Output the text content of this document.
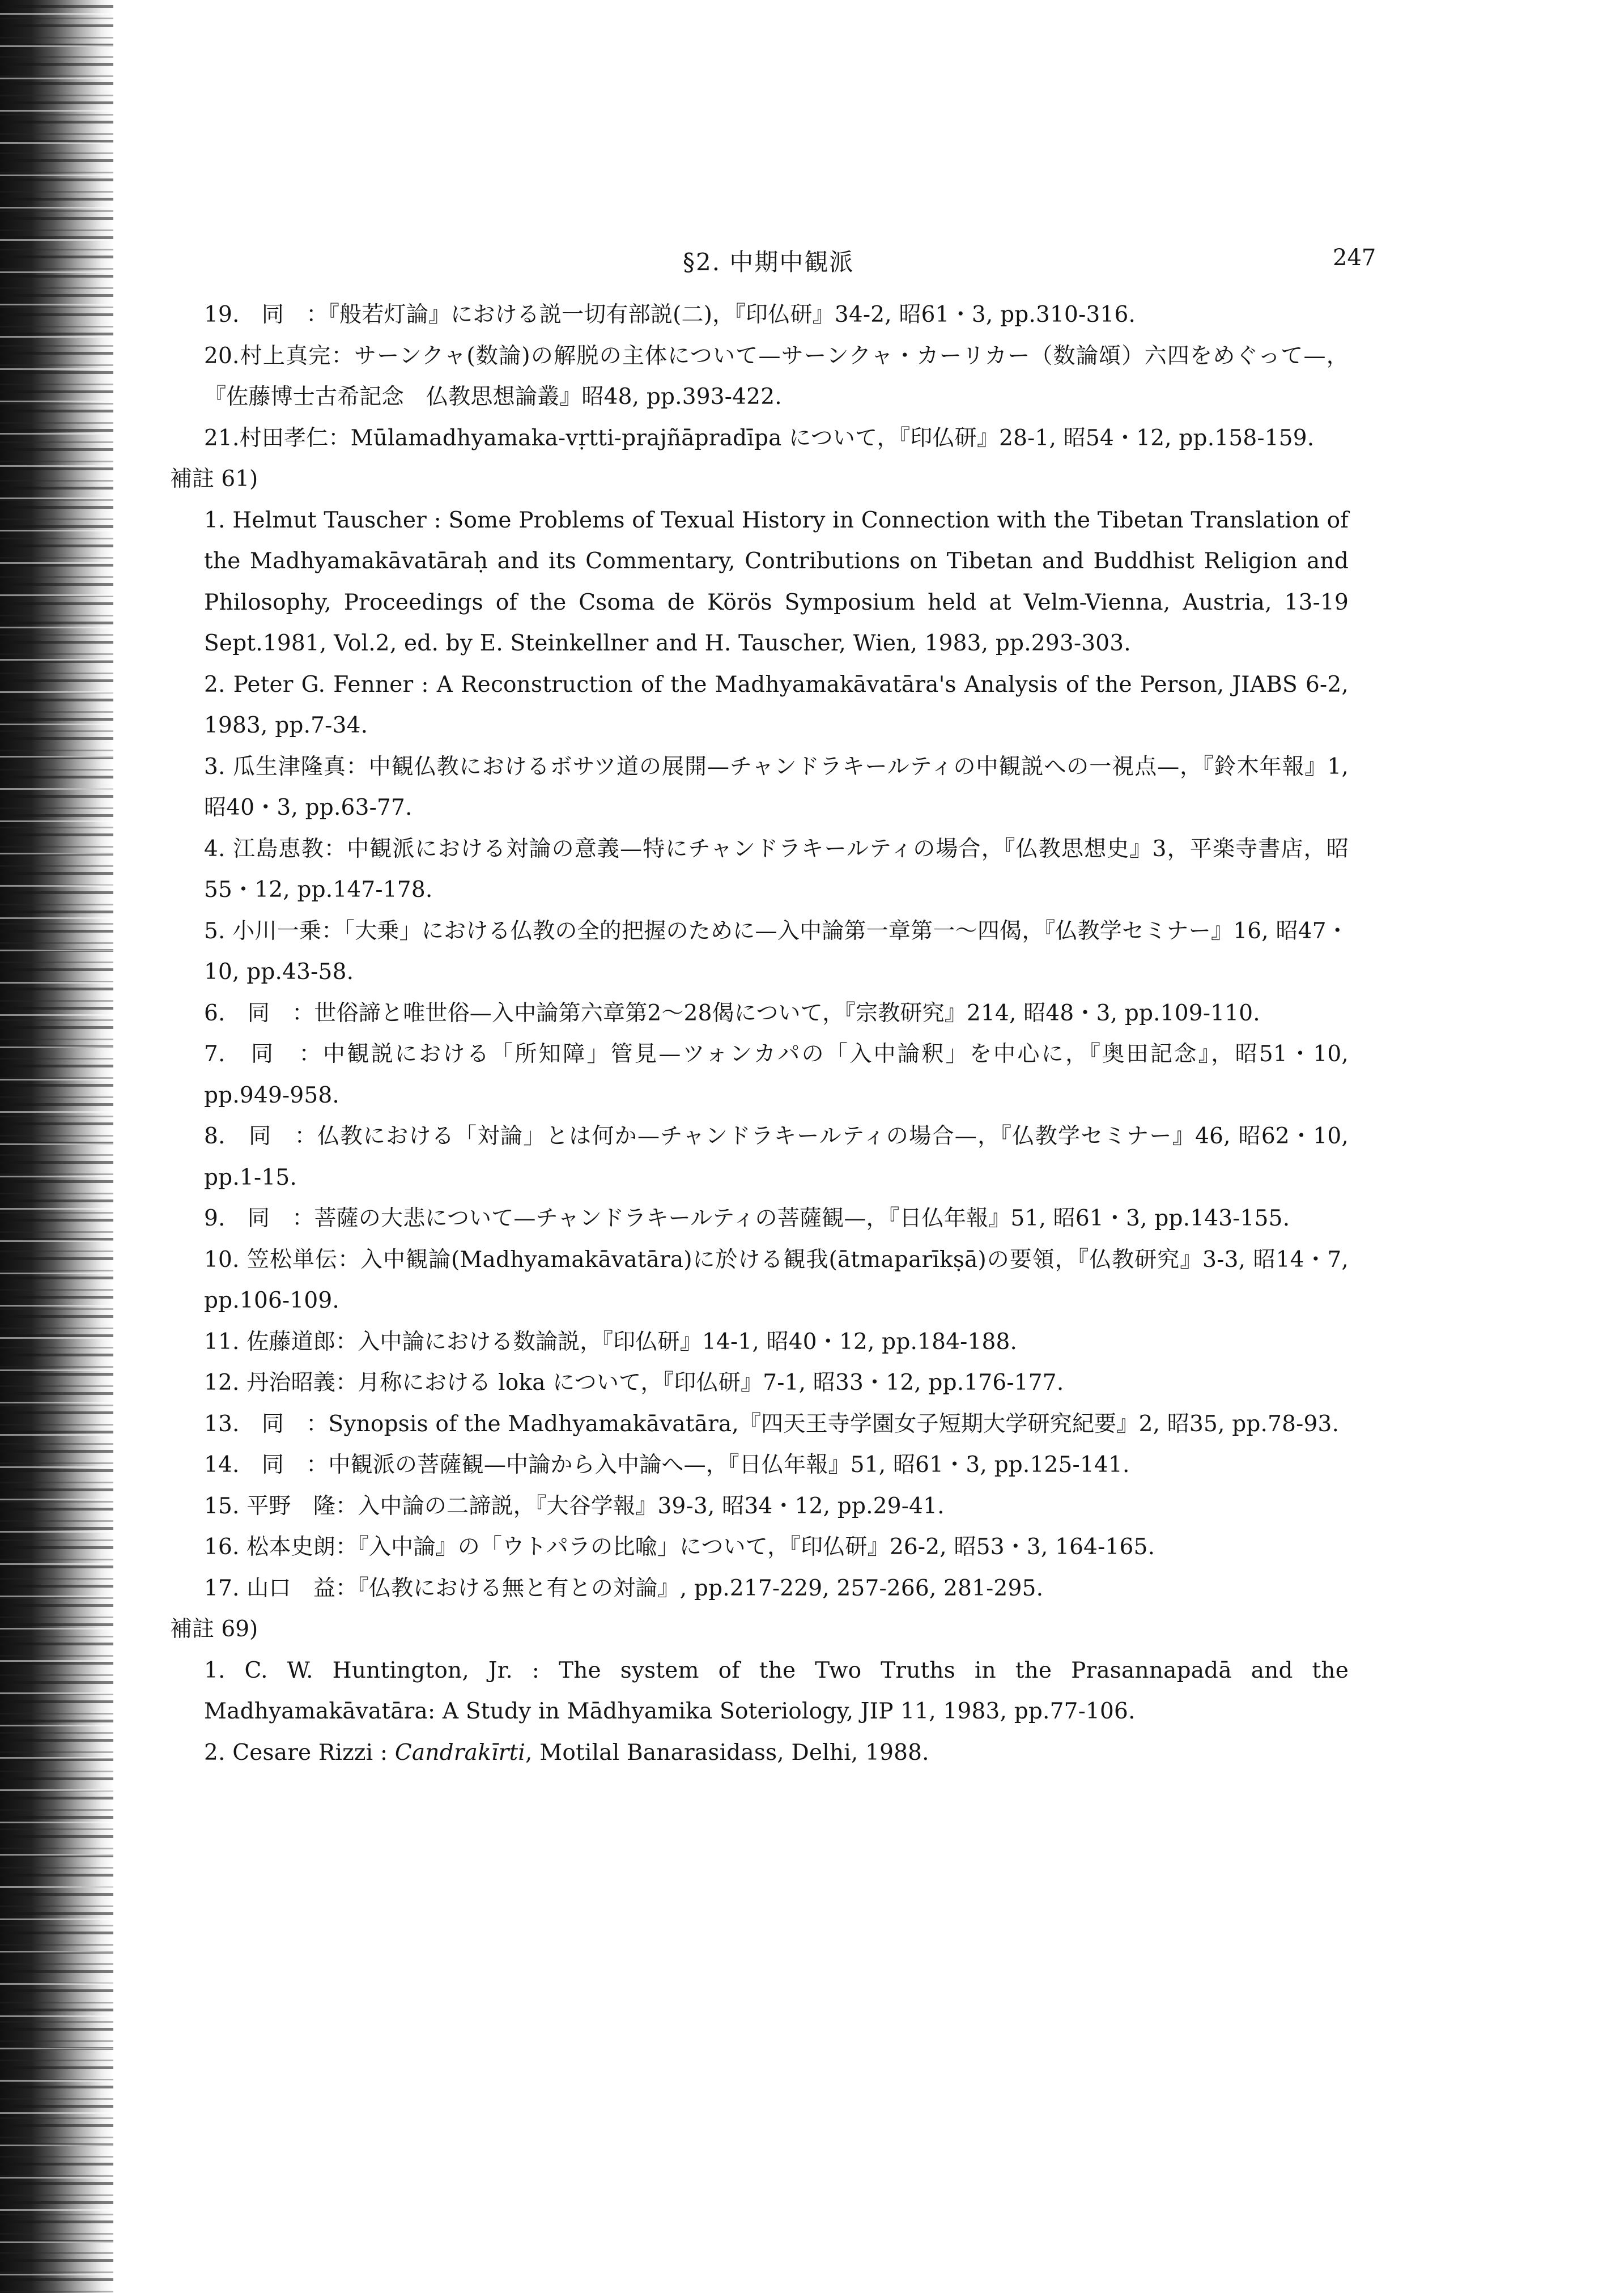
§2. 中期中観派	247
19.　同　：『般若灯論』における説一切有部説(二)，『印仏研』34-2, 昭61・3, pp.310-316.
20.村上真完：サーンクャ(数論)の解脱の主体について—サーンクャ・カーリカー（数論頌）六四をめぐって—，『佐藤博士古希記念　仏教思想論叢』昭48, pp.393-422.
21.村田孝仁：Mūlamadhyamaka-vṛtti-prajñāpradīpa について，『印仏研』28-1, 昭54・12, pp.158-159.
補註 61)
1. Helmut Tauscher : Some Problems of Texual History in Connection with the Tibetan Translation of the Madhyamakāvatāraḥ and its Commentary, Contributions on Tibetan and Buddhist Religion and Philosophy, Proceedings of the Csoma de Körös Symposium held at Velm-Vienna, Austria, 13-19 Sept.1981, Vol.2, ed. by E. Steinkellner and H. Tauscher, Wien, 1983, pp.293-303.
2. Peter G. Fenner : A Reconstruction of the Madhyamakāvatāra's Analysis of the Person, JIABS 6-2, 1983, pp.7-34.
3. 瓜生津隆真：中観仏教におけるボサツ道の展開—チャンドラキールティの中観説への一視点—，『鈴木年報』1, 昭40・3, pp.63-77.
4. 江島恵教：中観派における対論の意義—特にチャンドラキールティの場合，『仏教思想史』3，平楽寺書店，昭55・12, pp.147-178.
5. 小川一乗：「大乗」における仏教の全的把握のために—入中論第一章第一〜四偈，『仏教学セミナー』16, 昭47・10, pp.43-58.
6.　同　：世俗諦と唯世俗—入中論第六章第2〜28偈について，『宗教研究』214, 昭48・3, pp.109-110.
7.　同　：中観説における「所知障」管見—ツォンカパの「入中論釈」を中心に，『奥田記念』，昭51・10, pp.949-958.
8.　同　：仏教における「対論」とは何か—チャンドラキールティの場合—，『仏教学セミナー』46, 昭62・10, pp.1-15.
9.　同　：菩薩の大悲について—チャンドラキールティの菩薩観—，『日仏年報』51, 昭61・3, pp.143-155.
10. 笠松単伝：入中観論(Madhyamakāvatāra)に於ける観我(ātmaparīkṣā)の要領，『仏教研究』3-3, 昭14・7, pp.106-109.
11. 佐藤道郎：入中論における数論説，『印仏研』14-1, 昭40・12, pp.184-188.
12. 丹治昭義：月称における loka について，『印仏研』7-1, 昭33・12, pp.176-177.
13.　同　：Synopsis of the Madhyamakāvatāra,『四天王寺学園女子短期大学研究紀要』2, 昭35, pp.78-93.
14.　同　：中観派の菩薩観—中論から入中論へ—，『日仏年報』51, 昭61・3, pp.125-141.
15. 平野　隆：入中論の二諦説，『大谷学報』39-3, 昭34・12, pp.29-41.
16. 松本史朗：『入中論』の「ウトパラの比喩」について，『印仏研』26-2, 昭53・3, 164-165.
17. 山口　益：『仏教における無と有との対論』, pp.217-229, 257-266, 281-295.
補註 69)
1. C. W. Huntington, Jr. : The system of the Two Truths in the Prasannapadā and the Madhyamakāvatāra: A Study in Mādhyamika Soteriology, JIP 11, 1983, pp.77-106.
2. Cesare Rizzi : Candrakīrti, Motilal Banarasidass, Delhi, 1988.
